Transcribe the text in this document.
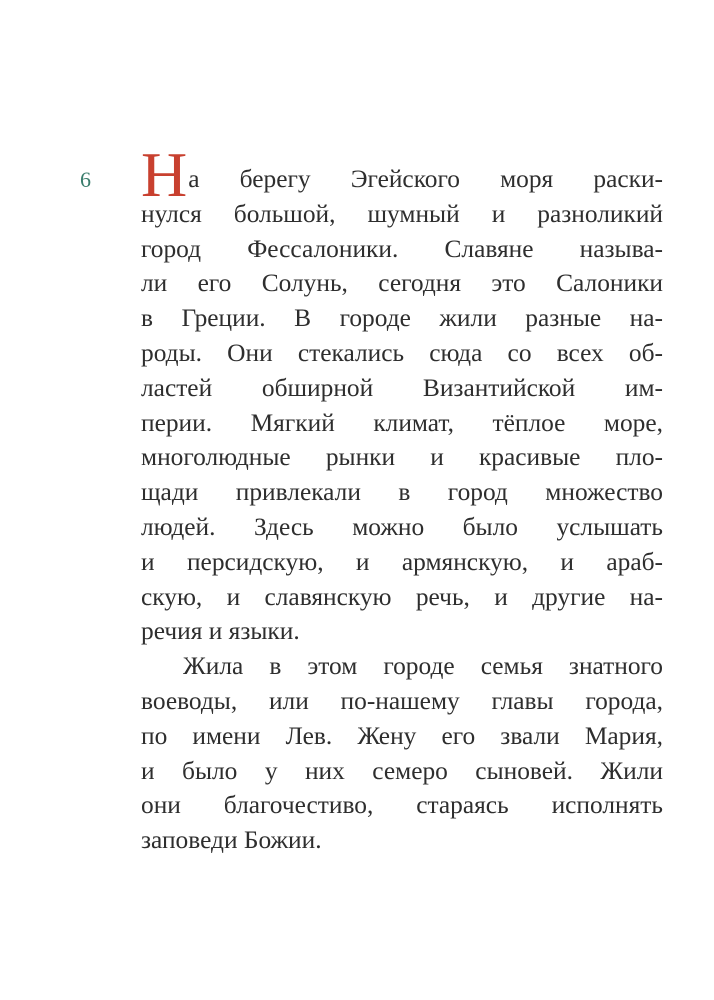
6 Н а берегу Эгейского моря раски-
нулся большой, шумный и разноликий
город Фессалоники. Славяне называ-
ли его Солунь, сегодня это Салоники
в Греции. В городе жили разные на-
роды. Они стекались сюда со всех об-
ластей обширной Византийской им-
перии. Мягкий климат, тёплое море,
многолюдные рынки и красивые пло-
щади привлекали в город множество
людей. Здесь можно было услышать
и персидскую, и армянскую, и араб-
скую, и славянскую речь, и другие на-
речия и языки.
Жила в этом городе семья знатного
воеводы, или по-нашему главы города,
по имени Лев. Жену его звали Мария,
и было у них семеро сыновей. Жили
они благочестиво, стараясь исполнять
заповеди Божии.
